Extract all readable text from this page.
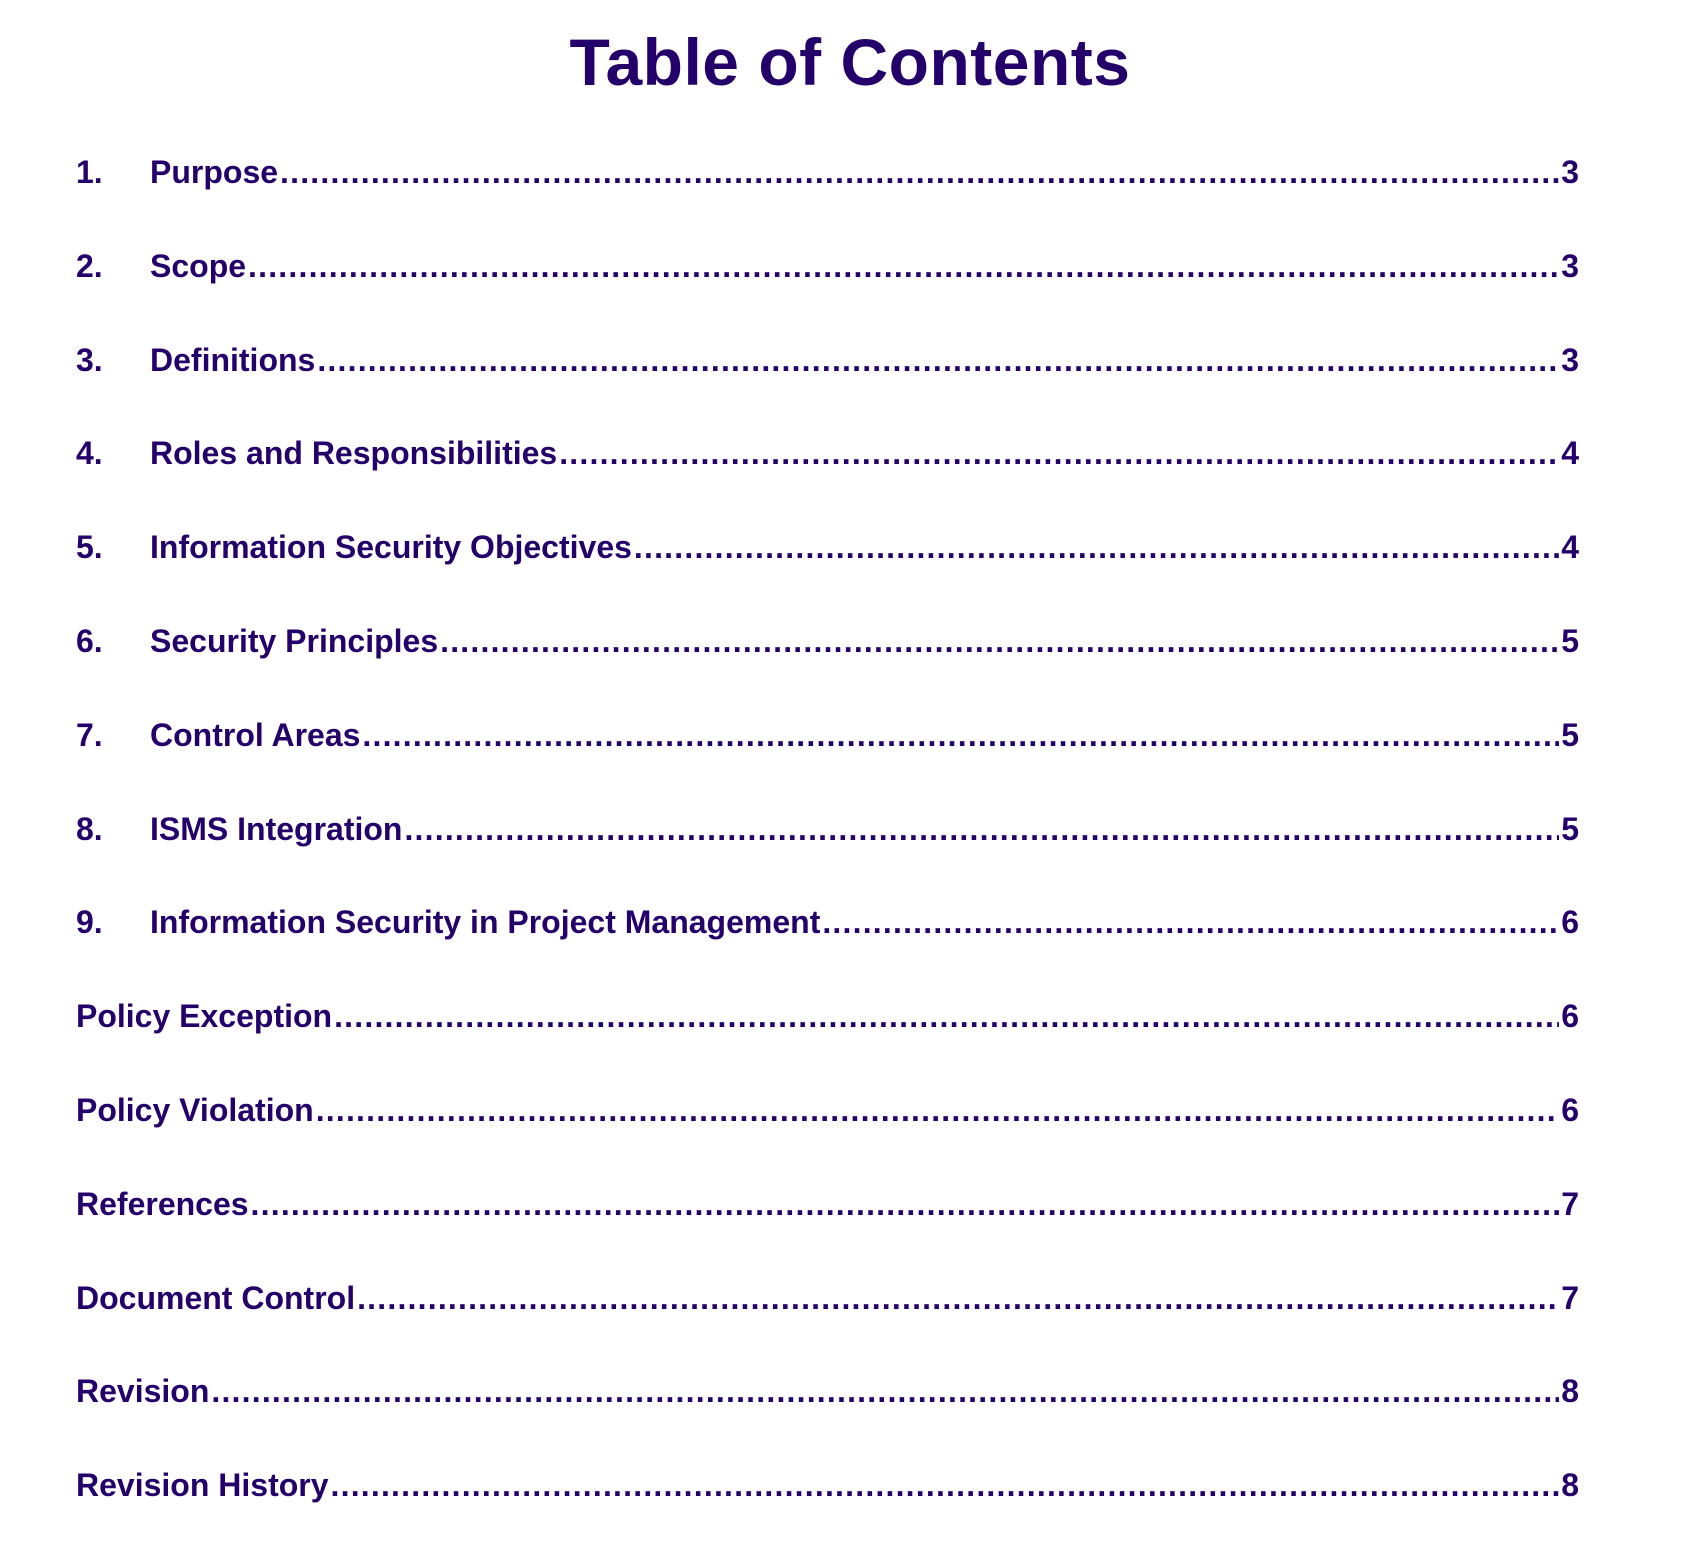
Table of Contents
1.	Purpose .....	3
2.	Scope .....	3
3.	Definitions .....	3
4.	Roles and Responsibilities .....	4
5.	Information Security Objectives .....	4
6.	Security Principles .....	5
7.	Control Areas .....	5
8.	ISMS Integration .....	5
9.	Information Security in Project Management .....	6
Policy Exception .....	6
Policy Violation .....	6
References .....	7
Document Control .....	7
Revision .....	8
Revision History .....	8
